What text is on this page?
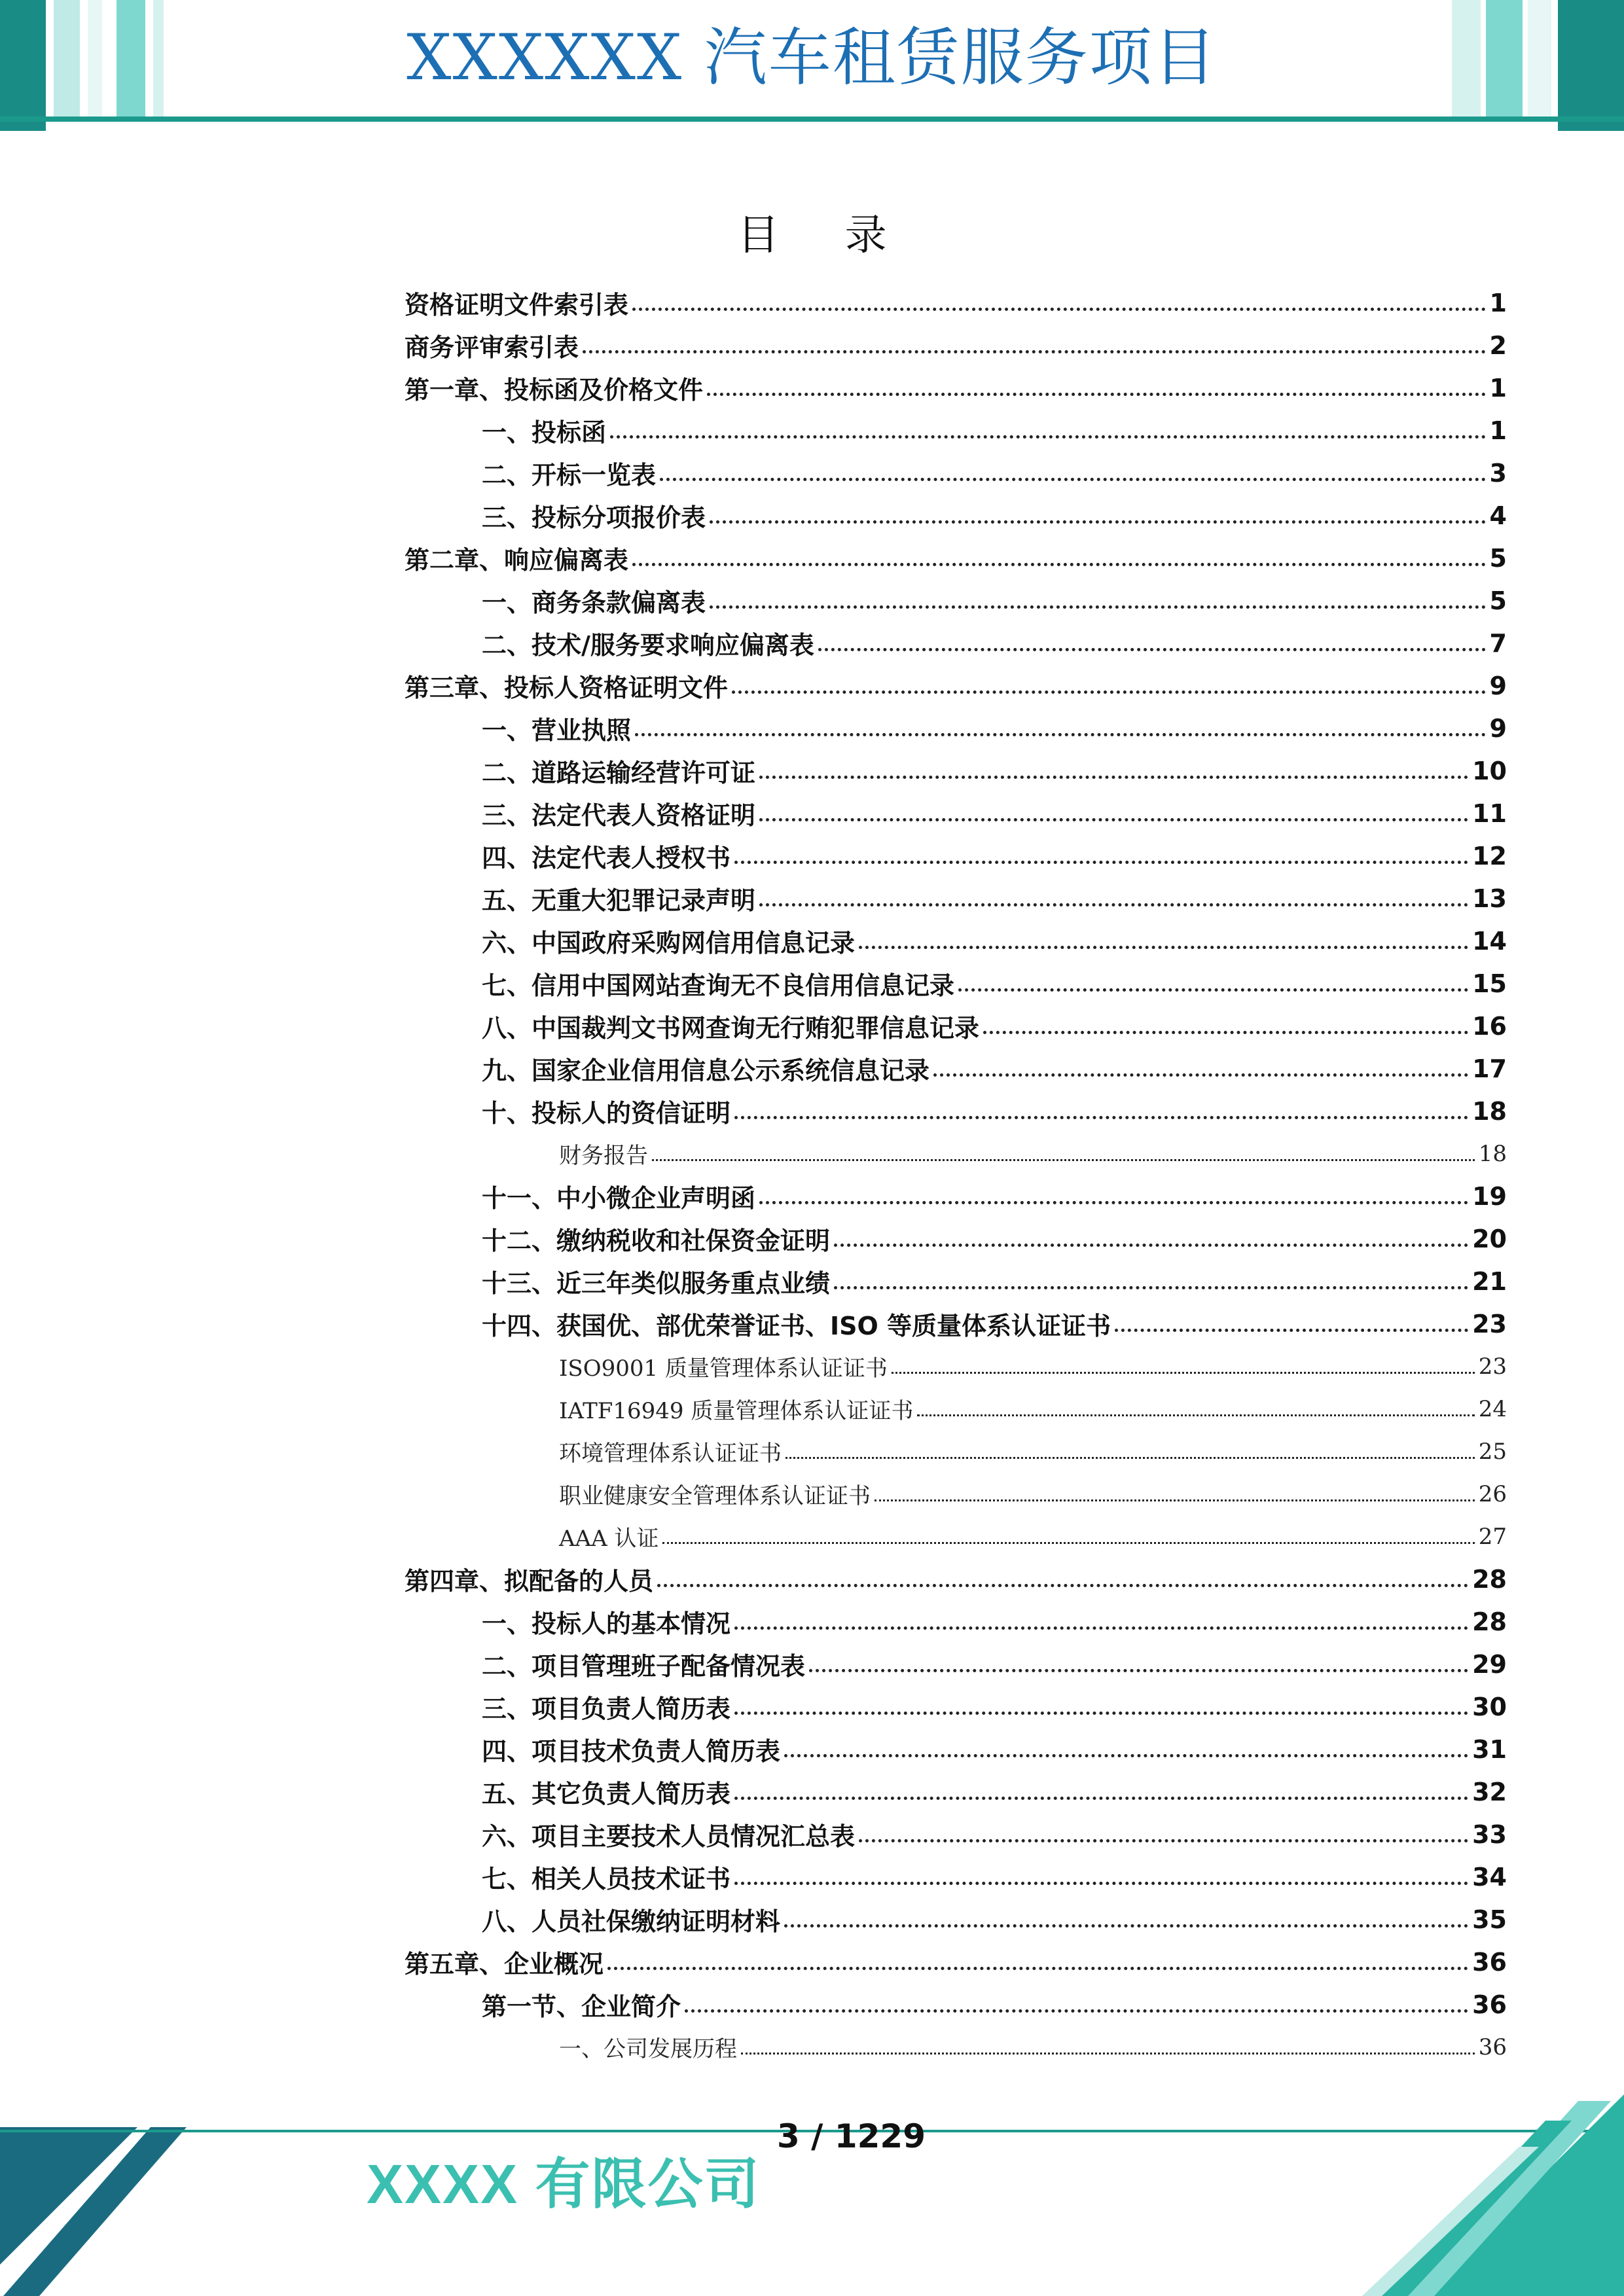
XXXXXX 汽车租赁服务项目
目 录
资格证明文件索引表	1
商务评审索引表	2
第一章、投标函及价格文件	1
一、投标函	1
二、开标一览表	3
三、投标分项报价表	4
第二章、响应偏离表	5
一、商务条款偏离表	5
二、技术/服务要求响应偏离表	7
第三章、投标人资格证明文件	9
一、营业执照	9
二、道路运输经营许可证	10
三、法定代表人资格证明	11
四、法定代表人授权书	12
五、无重大犯罪记录声明	13
六、中国政府采购网信用信息记录	14
七、信用中国网站查询无不良信用信息记录	15
八、中国裁判文书网查询无行贿犯罪信息记录	16
九、国家企业信用信息公示系统信息记录	17
十、投标人的资信证明	18
财务报告	18
十一、中小微企业声明函	19
十二、缴纳税收和社保资金证明	20
十三、近三年类似服务重点业绩	21
十四、获国优、部优荣誉证书、ISO 等质量体系认证证书	23
ISO9001 质量管理体系认证证书	23
IATF16949 质量管理体系认证证书	24
环境管理体系认证证书	25
职业健康安全管理体系认证证书	26
AAA 认证	27
第四章、拟配备的人员	28
一、投标人的基本情况	28
二、项目管理班子配备情况表	29
三、项目负责人简历表	30
四、项目技术负责人简历表	31
五、其它负责人简历表	32
六、项目主要技术人员情况汇总表	33
七、相关人员技术证书	34
八、人员社保缴纳证明材料	35
第五章、企业概况	36
第一节、企业简介	36
一、公司发展历程	36
XXXX 有限公司
3 / 1229
